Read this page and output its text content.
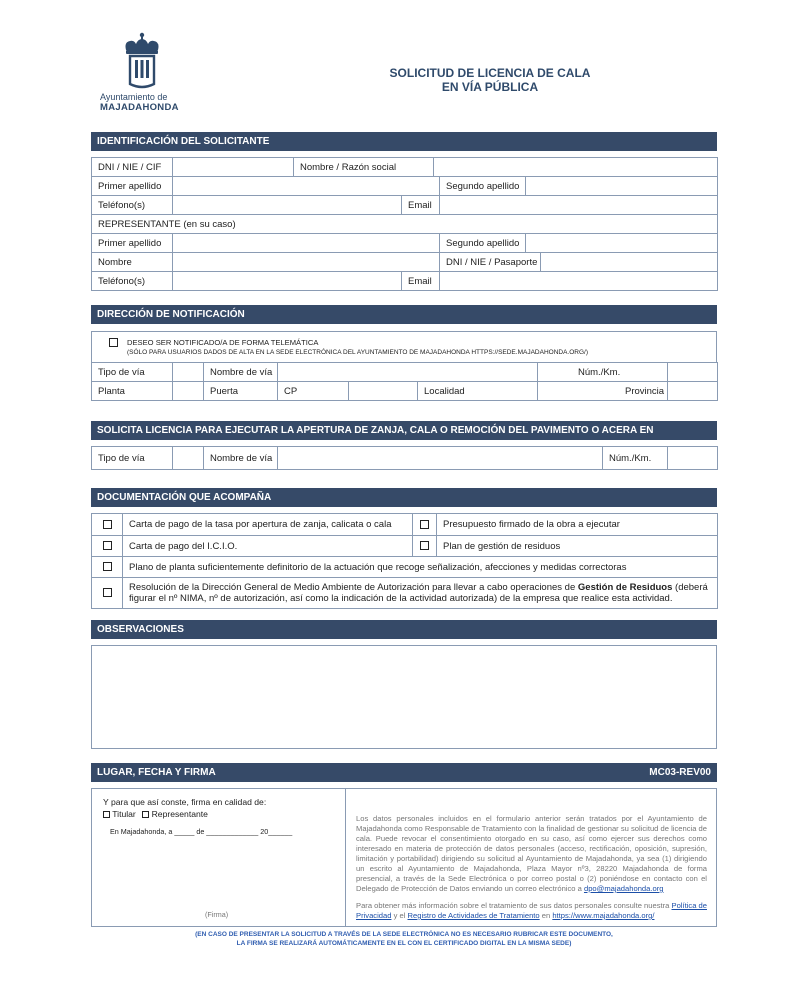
Ayuntamiento de
MAJADAHONDA
SOLICITUD DE LICENCIA DE CALA
EN VÍA PÚBLICA
IDENTIFICACIÓN DEL SOLICITANTE
DNI / NIE / CIF		Nombre / Razón social					
Primer apellido					Segundo apellido		
Teléfono(s)			Email				
REPRESENTANTE (en su caso)							
Primer apellido					Segundo apellido		
Nombre					DNI / NIE / Pasaporte		
Teléfono(s)			Email				
DIRECCIÓN DE NOTIFICACIÓN
DESEO SER NOTIFICADO/A DE FORMA TELEMÁTICA
(SÓLO PARA USUARIOS DADOS DE ALTA EN LA SEDE ELECTRÓNICA DEL AYUNTAMIENTO DE MAJADAHONDA HTTPS://SEDE.MAJADAHONDA.ORG/)
Tipo de vía		Nombre de vía				Núm./Km.	
Planta		Puerta	CP		Localidad	Provincia	
SOLICITA LICENCIA PARA EJECUTAR LA APERTURA DE ZANJA, CALA O REMOCIÓN DEL PAVIMENTO O ACERA EN
Tipo de vía		Nombre de vía		Núm./Km.	
DOCUMENTACIÓN QUE ACOMPAÑA
	Carta de pago de la tasa por apertura de zanja, calicata o cala		Presupuesto firmado de la obra a ejecutar
	Carta de pago del I.C.I.O.		Plan de gestión de residuos
	Plano de planta suficientemente definitorio de la actuación que recoge señalización, afecciones y medidas correctoras		
	Resolución de la Dirección General de Medio Ambiente de Autorización para llevar a cabo operaciones de Gestión de Residuos (deberá figurar el nº NIMA, nº de autorización, así como la indicación de la actividad autorizada) de la empresa que realice esta actividad.		
OBSERVACIONES
LUGAR, FECHA Y FIRMA	MC03-REV00
Y para que así conste, firma en calidad de:
Titular Representante
En Majadahonda, a _____ de _____________ 20______
(Firma)

Los datos personales incluidos en el formulario anterior serán tratados por el Ayuntamiento de Majadahonda como Responsable de Tratamiento con la finalidad de gestionar su solicitud de licencia de cala. Puede revocar el consentimiento otorgado en su caso, así como ejercer sus derechos como interesado en materia de protección de datos personales (acceso, rectificación, oposición, supresión, limitación y portabilidad) dirigiendo su solicitud al Ayuntamiento de Majadahonda, ya sea (1) dirigiendo un escrito al Ayuntamiento de Majadahonda, Plaza Mayor nº3, 28220 Majadahonda de forma presencial, a través de la Sede Electrónica o por correo postal o (2) poniéndose en contacto con el Delegado de Protección de Datos enviando un correo electrónico a dpo@majadahonda.org

Para obtener más información sobre el tratamiento de sus datos personales consulte nuestra Política de Privacidad y el Registro de Actividades de Tratamiento en https://www.majadahonda.org/

(EN CASO DE PRESENTAR LA SOLICITUD A TRAVÉS DE LA SEDE ELECTRÓNICA NO ES NECESARIO RUBRICAR ESTE DOCUMENTO,
LA FIRMA SE REALIZARÁ AUTOMÁTICAMENTE EN EL CON EL CERTIFICADO DIGITAL EN LA MISMA SEDE)
